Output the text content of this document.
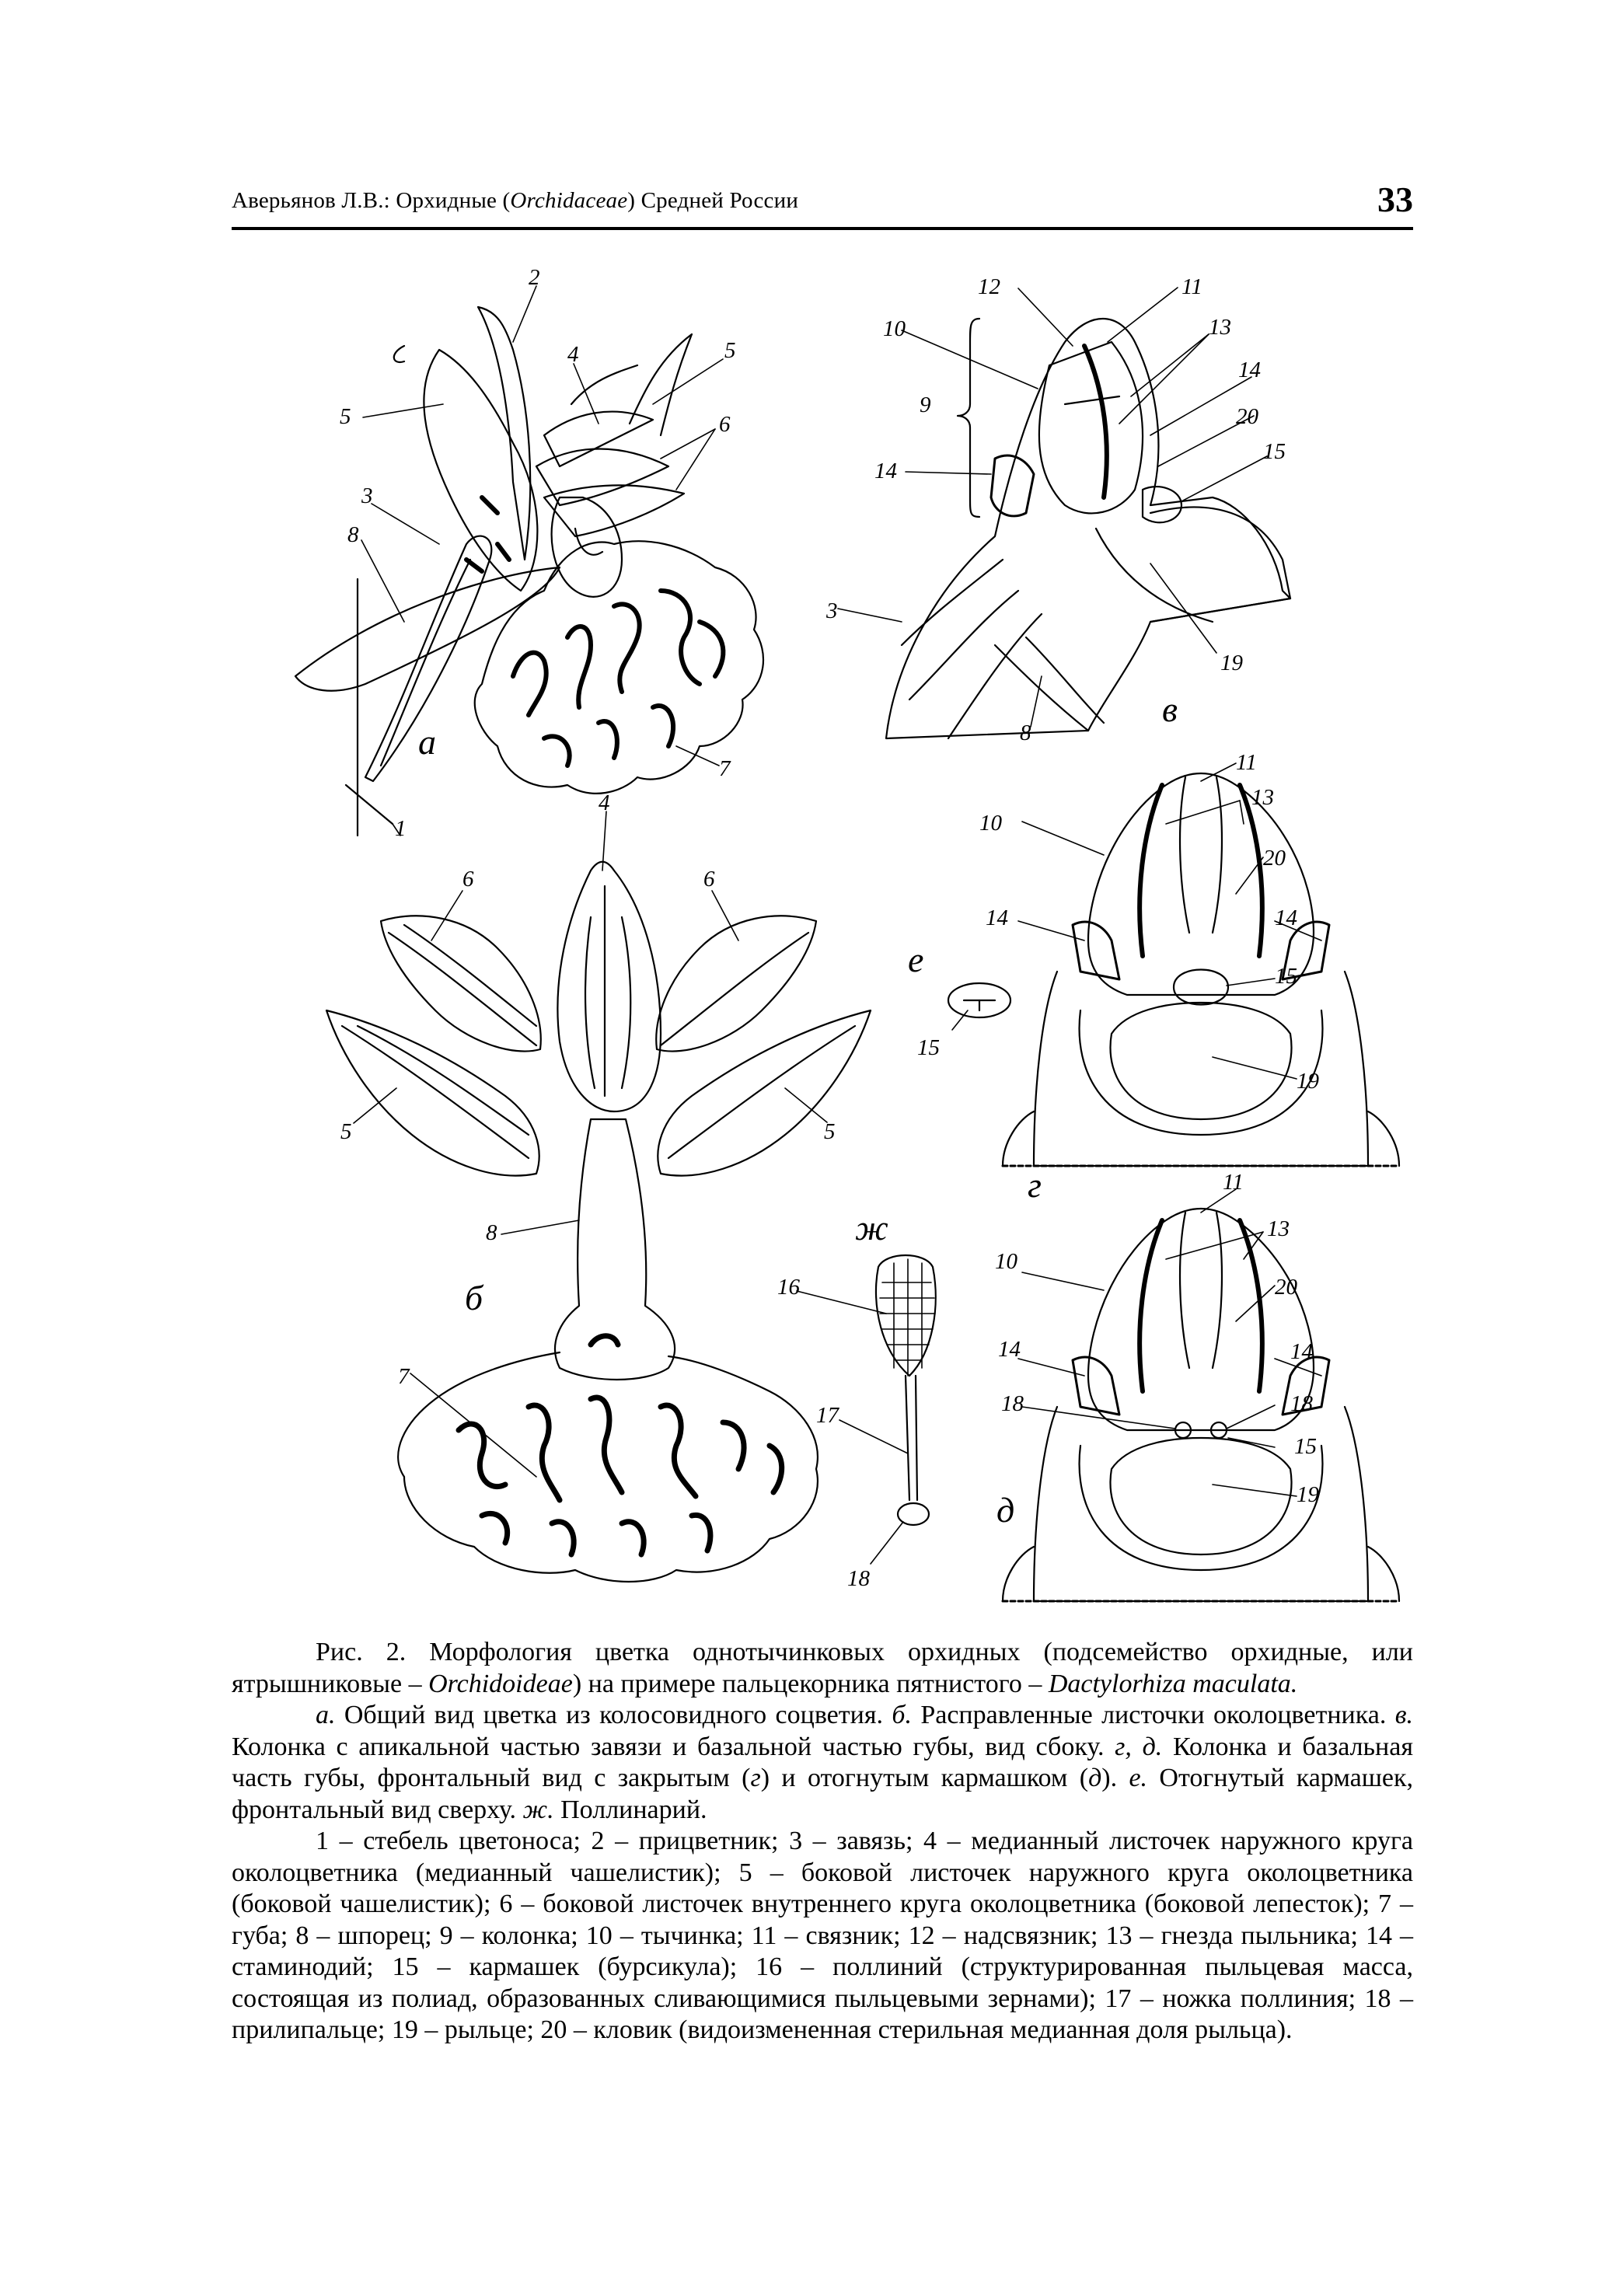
Аверьянов Л.В.: Орхидные (Orchidaceae) Средней России	33
1
2
3
4
5
5
6
7
8
а
3
8
9
10
11
12
13
14
14
15
19
20
в
4
5	5
6	6
7
8
б
10
11
13
14	14
15
19
20
г
15
е
16
17
18
ж
10
11
13
14	14
15
18	18
19
20
д

Рис. 2. Морфология цветка однотычинковых орхидных (подсемейство орхидные, или ятрышниковые – Orchidoideae) на примере пальцекорника пятнистого – Dactylorhiza maculata.

а. Общий вид цветка из колосовидного соцветия. б. Расправленные листочки околоцветника. в. Колонка с апикальной частью завязи и базальной частью губы, вид сбоку. г, д. Колонка и базальная часть губы, фронтальный вид с закрытым (г) и отогнутым кармашком (д). е. Отогнутый кармашек, фронтальный вид сверху. ж. Поллинарий.

1 – стебель цветоноса; 2 – прицветник; 3 – завязь; 4 – медианный листочек наружного круга околоцветника (медианный чашелистик); 5 – боковой листочек наружного круга околоцветника (боковой чашелистик); 6 – боковой листочек внутреннего круга околоцветника (боковой лепесток); 7 – губа; 8 – шпорец; 9 – колонка; 10 – тычинка; 11 – связник; 12 – надсвязник; 13 – гнезда пыльника; 14 – стаминодий; 15 – кармашек (бурсикула); 16 – поллиний (структурированная пыльцевая масса, состоящая из полиад, образованных сливающимися пыльцевыми зернами); 17 – ножка поллиния; 18 – прилипальце; 19 – рыльце; 20 – кловик (видоизмененная стерильная медианная доля рыльца).
